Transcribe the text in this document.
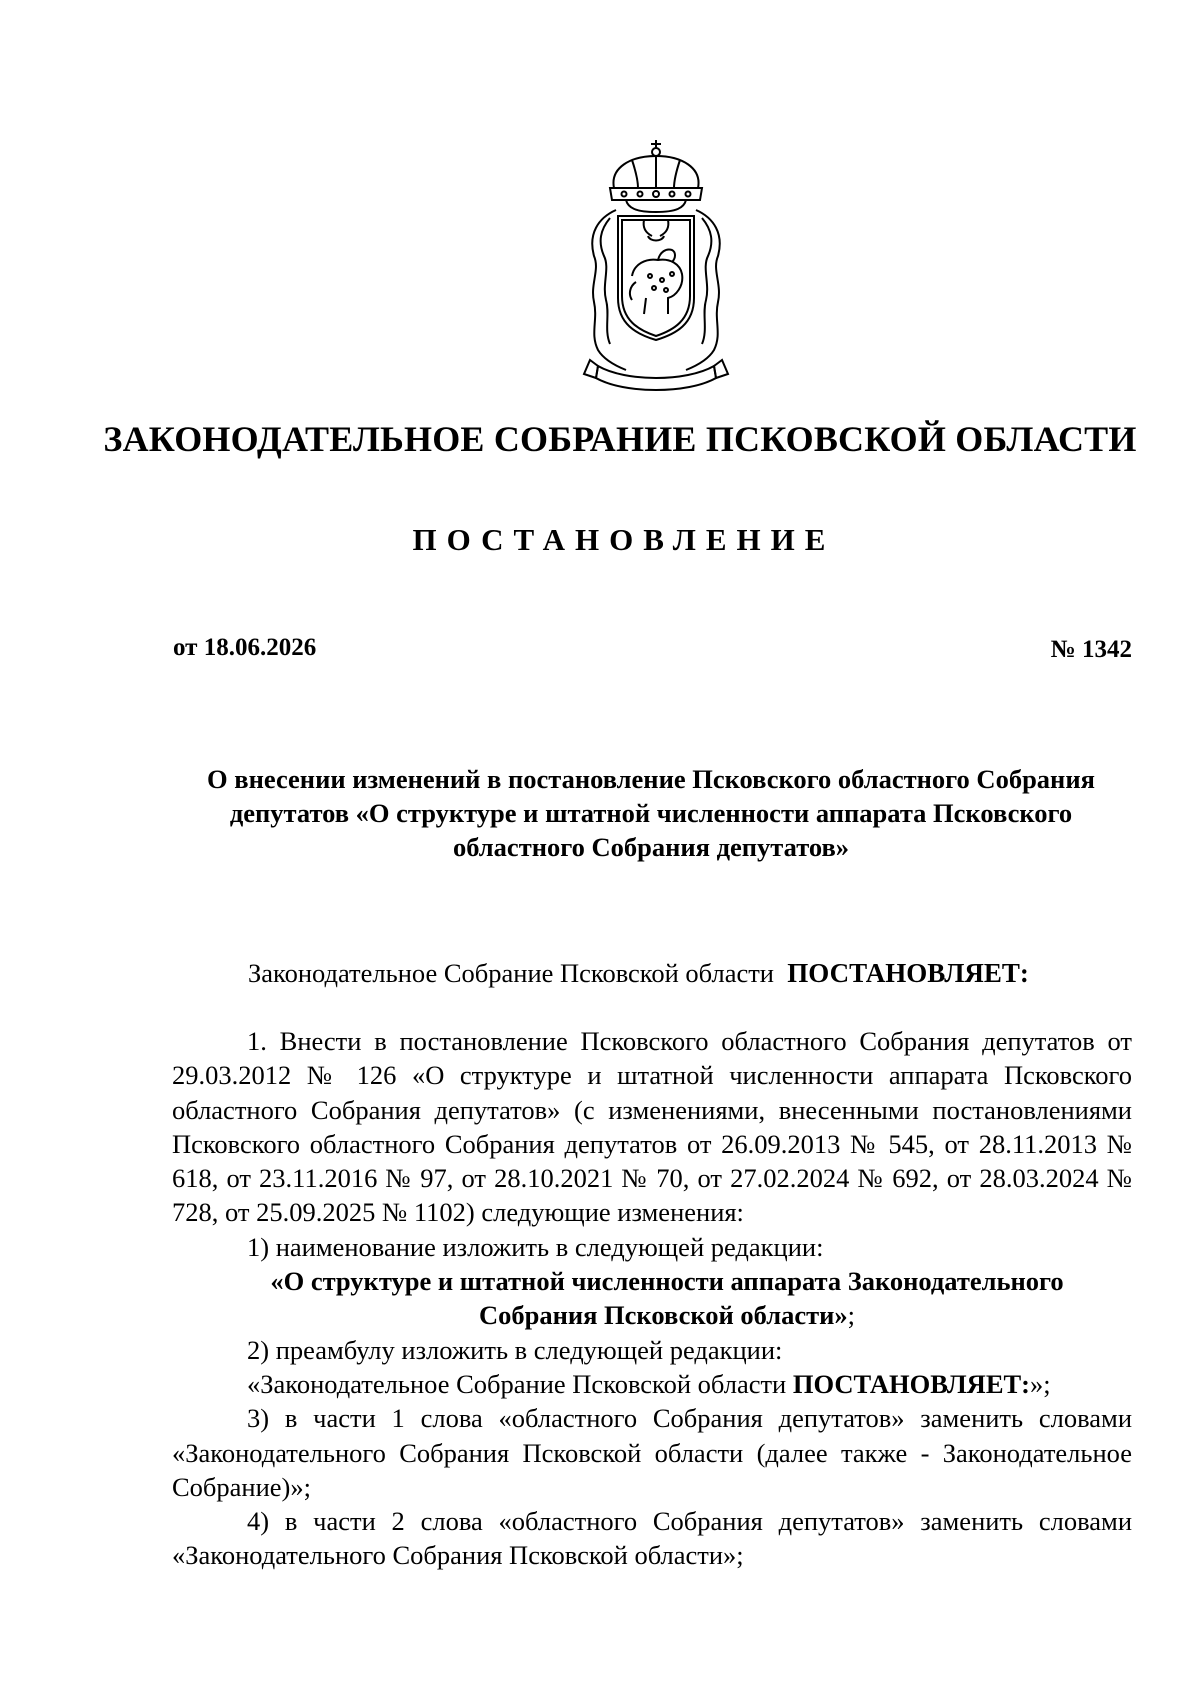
ЗАКОНОДАТЕЛЬНОЕ СОБРАНИЕ ПСКОВСКОЙ ОБЛАСТИ
ПОСТАНОВЛЕНИЕ
от 18.06.2026	№ 1342
О внесении изменений в постановление Псковского областного Собрания
депутатов «О структуре и штатной численности аппарата Псковского
областного Собрания депутатов»
Законодательное Собрание Псковской области ПОСТАНОВЛЯЕТ:

1. Внести в постановление Псковского областного Собрания депутатов от 29.03.2012 № 126 «О структуре и штатной численности аппарата Псковского областного Собрания депутатов» (с изменениями, внесенными постановлениями Псковского областного Собрания депутатов от 26.09.2013 № 545, от 28.11.2013 № 618, от 23.11.2016 № 97, от 28.10.2021 № 70, от 27.02.2024 № 692, от 28.03.2024 № 728, от 25.09.2025 № 1102) следующие изменения:

1) наименование изложить в следующей редакции:

«О структуре и штатной численности аппарата Законодательного

Собрания Псковской области»;

2) преамбулу изложить в следующей редакции:

«Законодательное Собрание Псковской области ПОСТАНОВЛЯЕТ:»;

3) в части 1 слова «областного Собрания депутатов» заменить словами «Законодательного Собрания Псковской области (далее также - Законодательное Собрание)»;

4) в части 2 слова «областного Собрания депутатов» заменить словами «Законодательного Собрания Псковской области»;
